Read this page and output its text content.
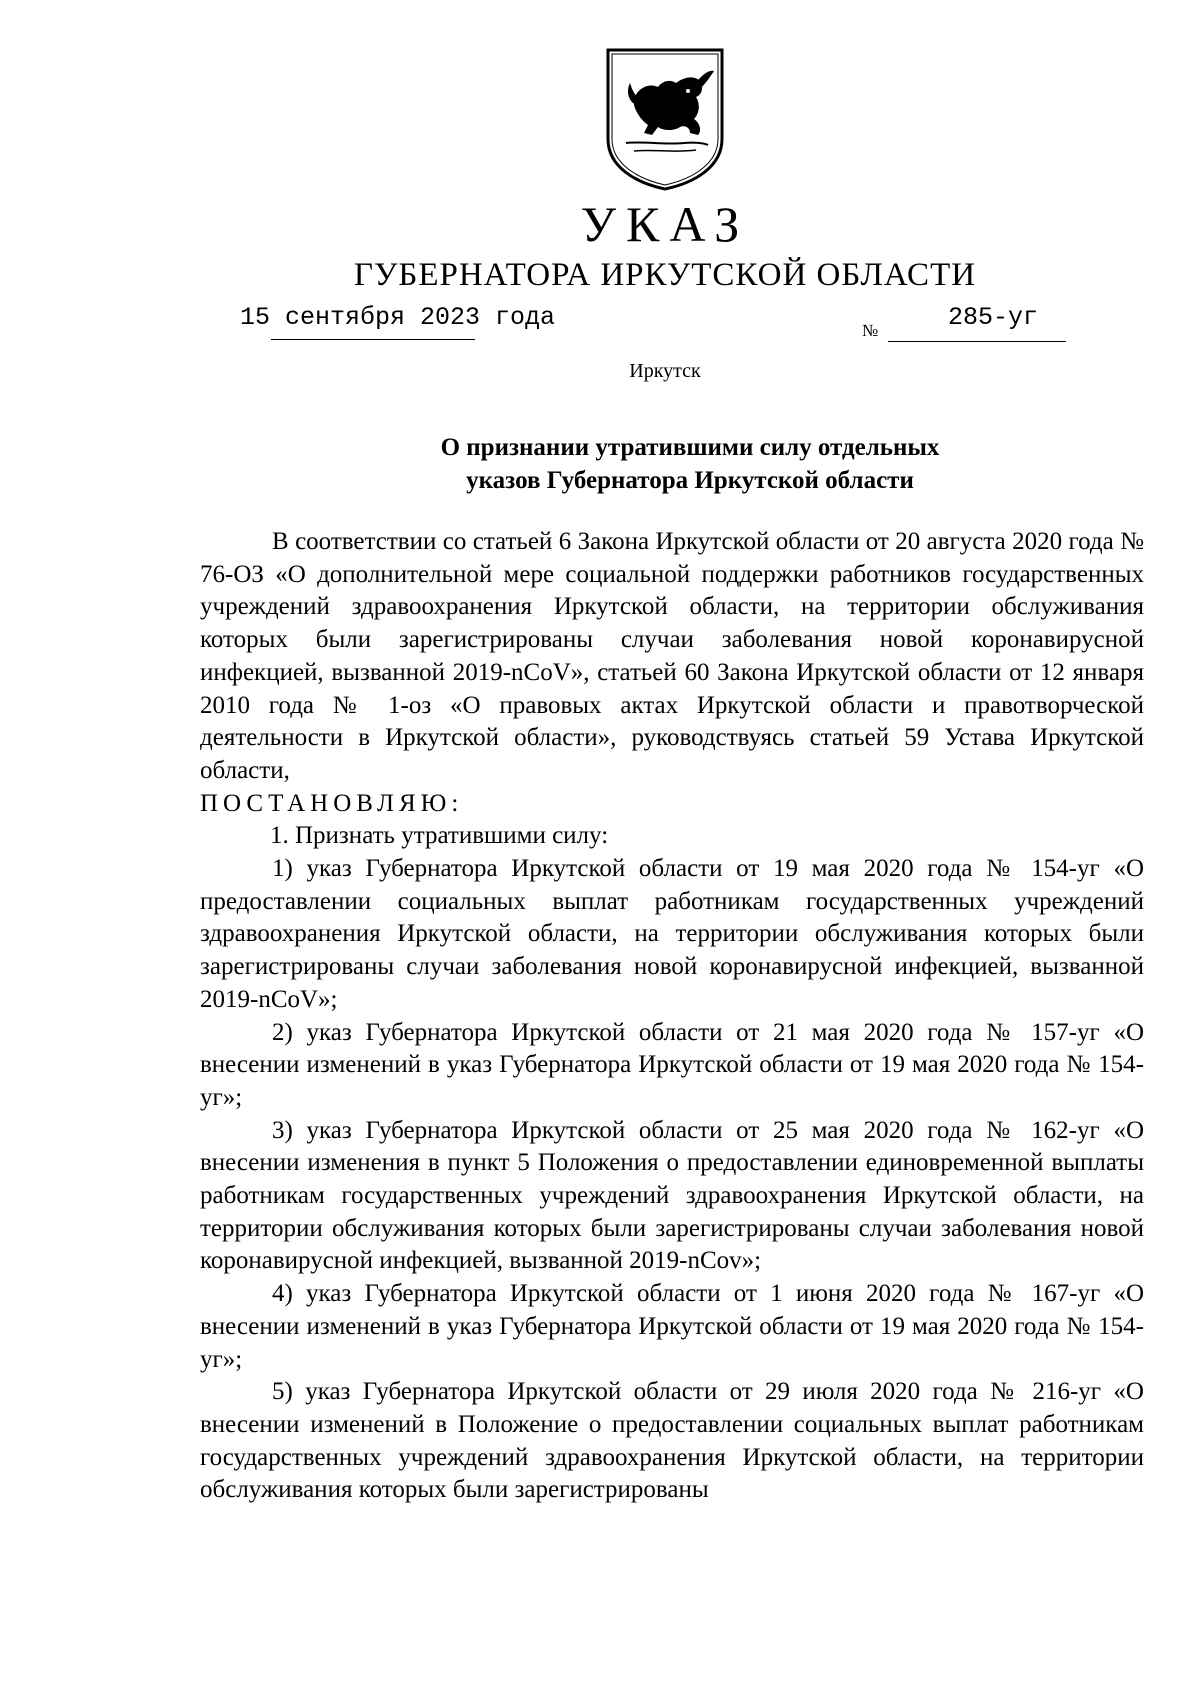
УКАЗ
ГУБЕРНАТОРА ИРКУТСКОЙ ОБЛАСТИ
15 сентября 2023 года	№	285-уг
Иркутск
О признании утратившими силу отдельных
указов Губернатора Иркутской области

В соответствии со статьей 6 Закона Иркутской области от 20 августа 2020 года № 76-ОЗ «О дополнительной мере социальной поддержки работников государственных учреждений здравоохранения Иркутской области, на территории обслуживания которых были зарегистрированы случаи заболевания новой коронавирусной инфекцией, вызванной 2019-nCoV», статьей 60 Закона Иркутской области от 12 января 2010 года № 1-оз «О правовых актах Иркутской области и правотворческой деятельности в Иркутской области», руководствуясь статьей 59 Устава Иркутской области,

ПОСТАНОВЛЯЮ:

1. Признать утратившими силу:

1) указ Губернатора Иркутской области от 19 мая 2020 года № 154-уг «О предоставлении социальных выплат работникам государственных учреждений здравоохранения Иркутской области, на территории обслуживания которых были зарегистрированы случаи заболевания новой коронавирусной инфекцией, вызванной 2019-nCoV»;

2) указ Губернатора Иркутской области от 21 мая 2020 года № 157-уг «О внесении изменений в указ Губернатора Иркутской области от 19 мая 2020 года № 154-уг»;

3) указ Губернатора Иркутской области от 25 мая 2020 года № 162-уг «О внесении изменения в пункт 5 Положения о предоставлении единовременной выплаты работникам государственных учреждений здравоохранения Иркутской области, на территории обслуживания которых были зарегистрированы случаи заболевания новой коронавирусной инфекцией, вызванной 2019-nCov»;

4) указ Губернатора Иркутской области от 1 июня 2020 года № 167-уг «О внесении изменений в указ Губернатора Иркутской области от 19 мая 2020 года № 154-уг»;

5) указ Губернатора Иркутской области от 29 июля 2020 года № 216-уг «О внесении изменений в Положение о предоставлении социальных выплат работникам государственных учреждений здравоохранения Иркутской области, на территории обслуживания которых были зарегистрированы
